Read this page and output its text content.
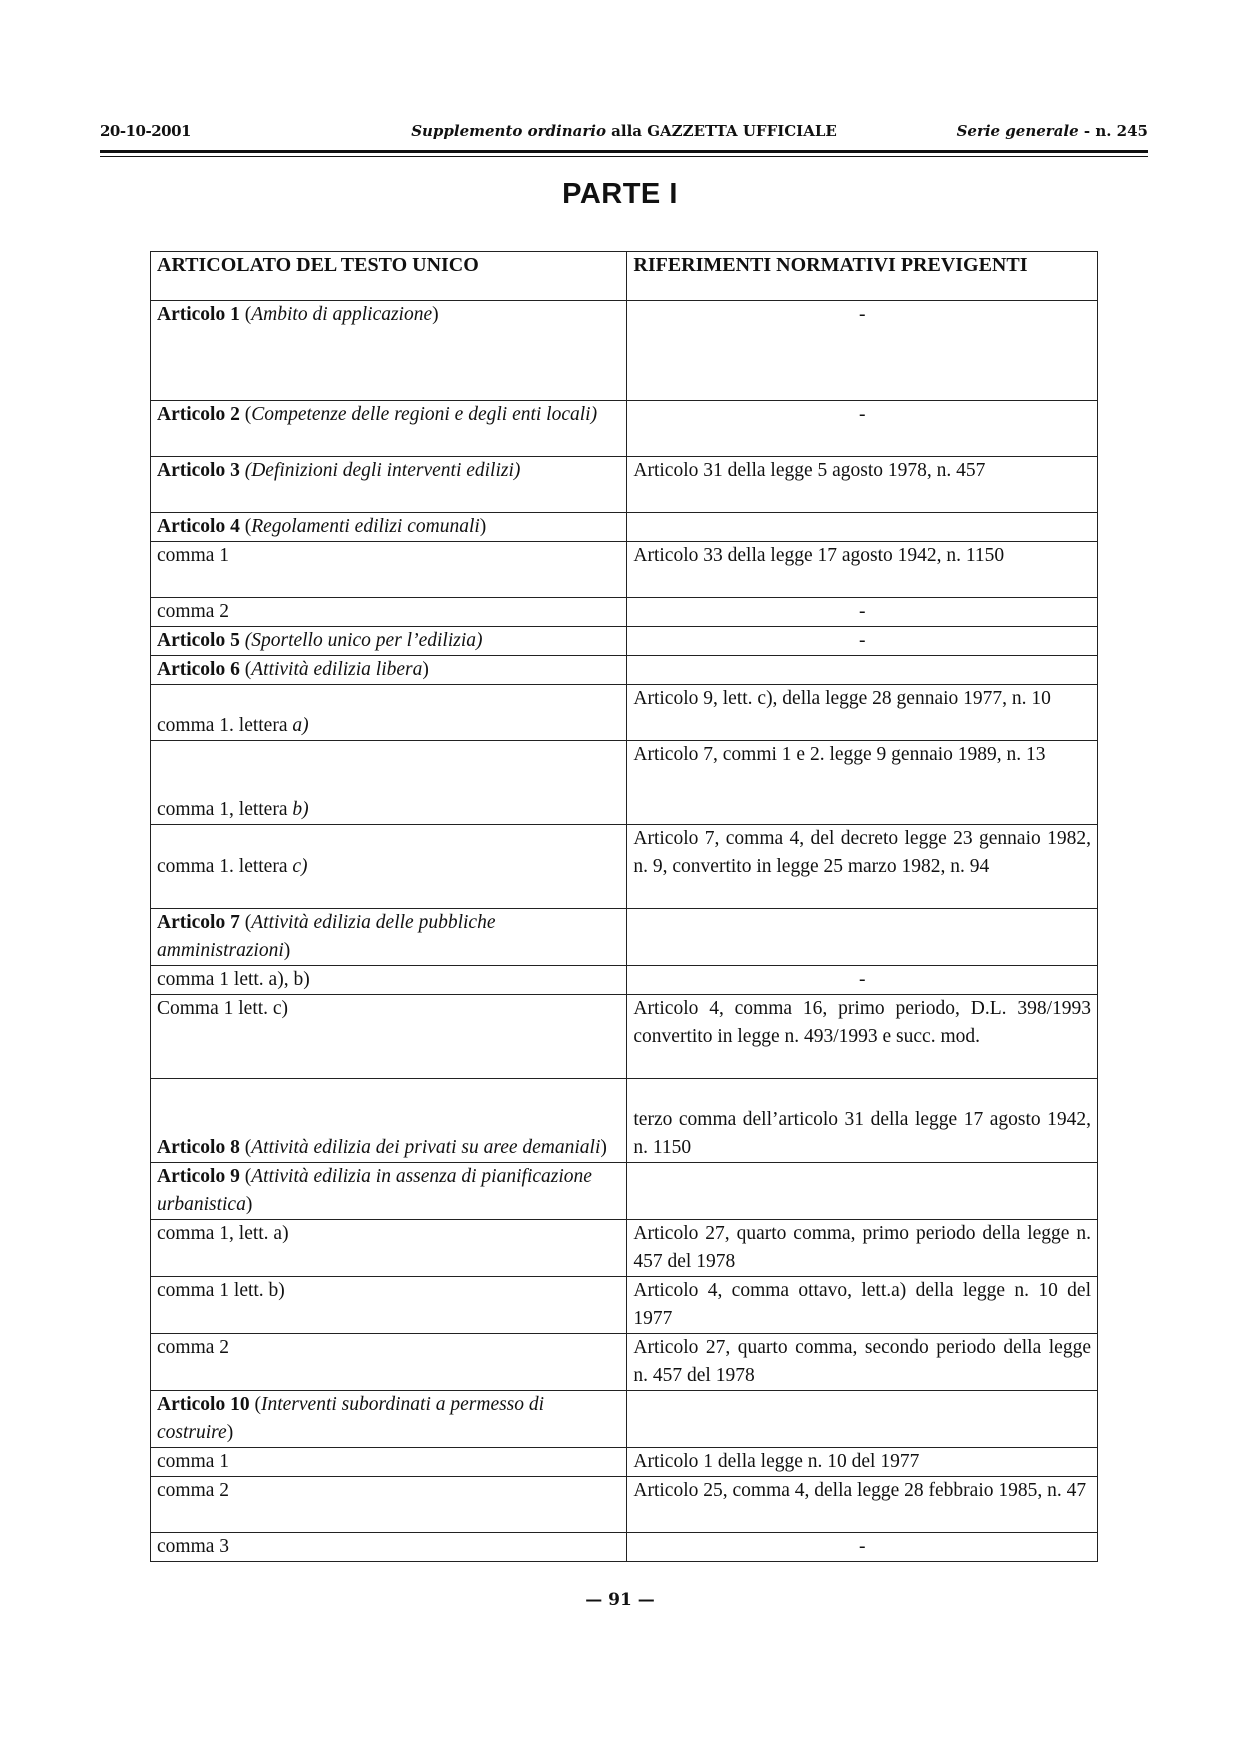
20-10-2001	Supplemento ordinario alla GAZZETTA UFFICIALE	Serie generale - n. 245
PARTE I
ARTICOLATO DEL TESTO UNICO	RIFERIMENTI NORMATIVI PREVIGENTI
Articolo 1 (Ambito di applicazione)	-
Articolo 2 (Competenze delle regioni e degli enti locali)	-
Articolo 3 (Definizioni degli interventi edilizi)	Articolo 31 della legge 5 agosto 1978, n. 457
Articolo 4 (Regolamenti edilizi comunali)	
comma 1	Articolo 33 della legge 17 agosto 1942, n. 1150
comma 2	-
Articolo 5 (Sportello unico per l’edilizia)	-
Articolo 6 (Attività edilizia libera)	
comma 1. lettera a)	Articolo 9, lett. c), della legge 28 gennaio 1977, n. 10
comma 1, lettera b)	Articolo 7, commi 1 e 2. legge 9 gennaio 1989, n. 13
comma 1. lettera c)	Articolo 7, comma 4, del decreto legge 23 gennaio 1982, n. 9, convertito in legge 25 marzo 1982, n. 94
Articolo 7 (Attività edilizia delle pubbliche amministrazioni)	
comma 1 lett. a), b)	-
Comma 1 lett. c)	Articolo 4, comma 16, primo periodo, D.L. 398/1993 convertito in legge n. 493/1993 e succ. mod.
Articolo 8 (Attività edilizia dei privati su aree demaniali)	terzo comma dell’articolo 31 della legge 17 agosto 1942, n. 1150
Articolo 9 (Attività edilizia in assenza di pianificazione urbanistica)	
comma 1, lett. a)	Articolo 27, quarto comma, primo periodo della legge n. 457 del 1978
comma 1 lett. b)	Articolo 4, comma ottavo, lett.a) della legge n. 10 del 1977
comma 2	Articolo 27, quarto comma, secondo periodo della legge n. 457 del 1978
Articolo 10 (Interventi subordinati a permesso di costruire)	
comma 1	Articolo 1 della legge n. 10 del 1977
comma 2	Articolo 25, comma 4, della legge 28 febbraio 1985, n. 47
comma 3	-
— 91 —
